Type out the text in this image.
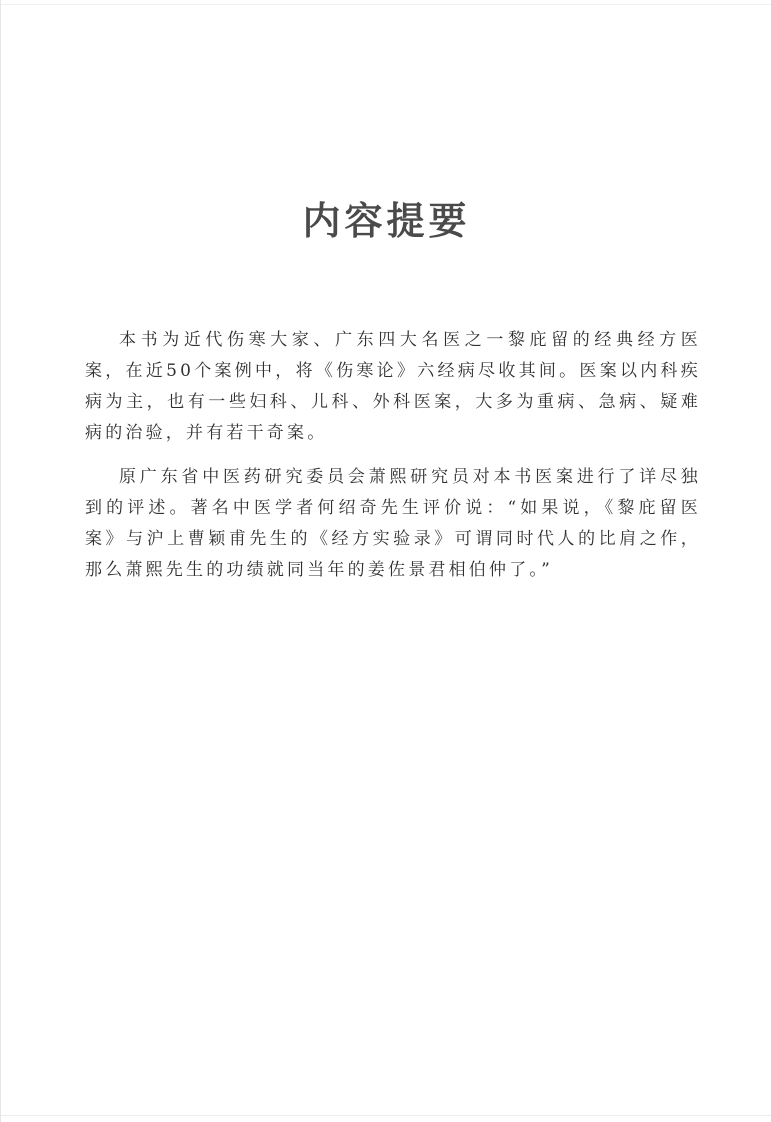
内容提要

本书为近代伤寒大家、广东四大名医之一黎庇留的经典经方医案，在近50个案例中，将《伤寒论》六经病尽收其间。医案以内科疾病为主，也有一些妇科、儿科、外科医案，大多为重病、急病、疑难病的治验，并有若干奇案。

原广东省中医药研究委员会萧熙研究员对本书医案进行了详尽独到的评述。著名中医学者何绍奇先生评价说：“如果说，《黎庇留医案》与沪上曹颖甫先生的《经方实验录》可谓同时代人的比肩之作，那么萧熙先生的功绩就同当年的姜佐景君相伯仲了。”
